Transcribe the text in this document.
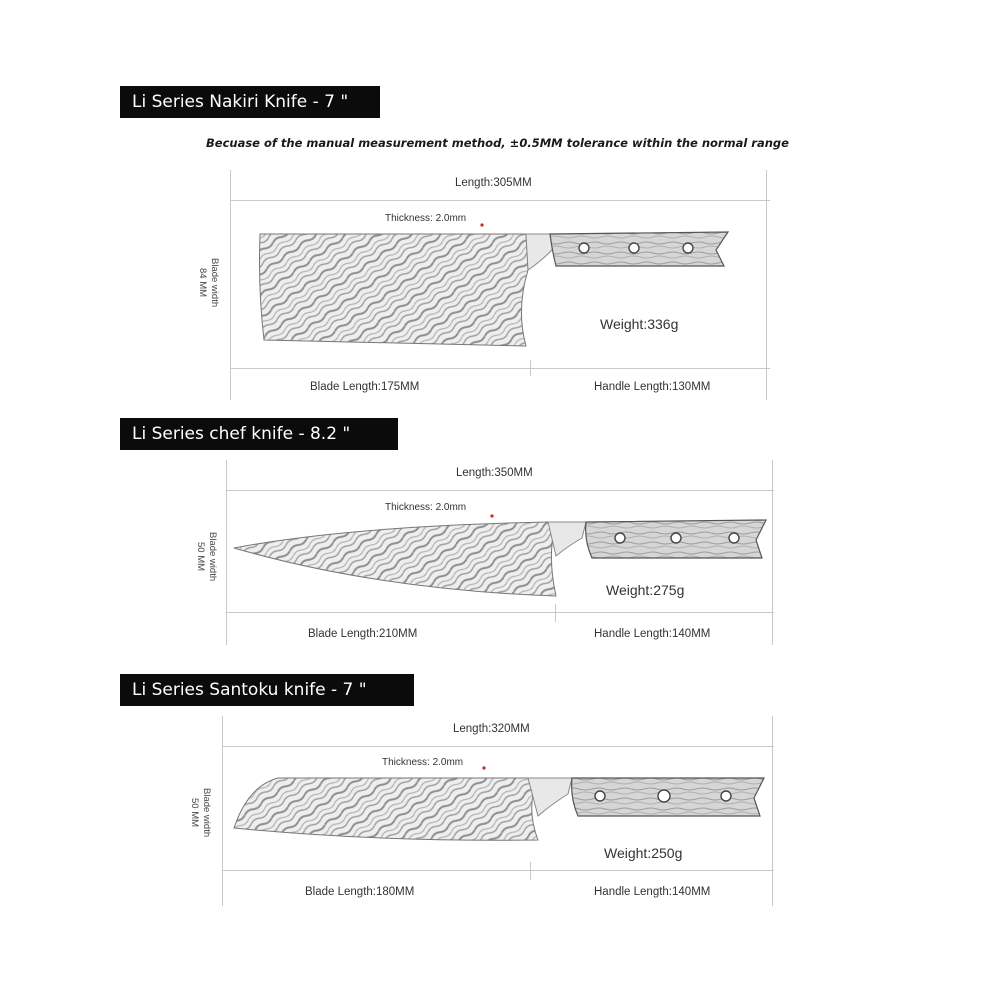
Becuase of the manual measurement method, ±0.5MM tolerance within the normal range
Li Series Nakiri Knife - 7 "
Length:305MM
Thickness: 2.0mm
Blade width
84 MM
Weight:336g
Blade Length:175MM	Handle Length:130MM
Li Series chef knife - 8.2 "
Length:350MM
Thickness: 2.0mm
Blade width
50 MM
Weight:275g
Blade Length:210MM	Handle Length:140MM
Li Series Santoku knife - 7 "
Length:320MM
Thickness: 2.0mm
Blade width
50 MM
Weight:250g
Blade Length:180MM	Handle Length:140MM
